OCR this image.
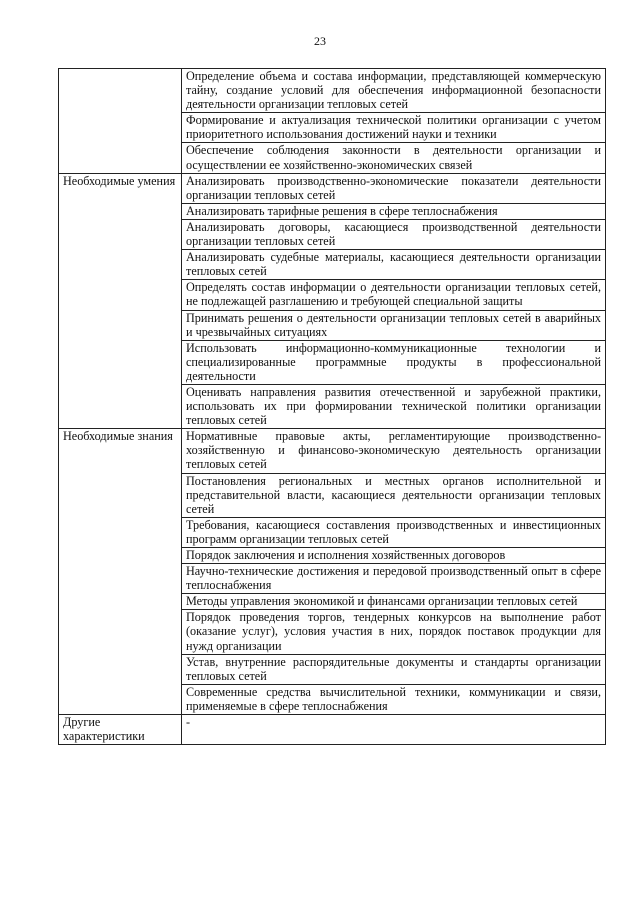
23
	Определение объема и состава информации, представляющей коммерческую тайну, создание условий для обеспечения информационной безопасности деятельности организации тепловых сетей
	Формирование и актуализация технической политики организации с учетом приоритетного использования достижений науки и техники
	Обеспечение соблюдения законности в деятельности организации и осуществлении ее хозяйственно-экономических связей
Необходимые умения	Анализировать производственно-экономические показатели деятельности организации тепловых сетей
	Анализировать тарифные решения в сфере теплоснабжения
	Анализировать договоры, касающиеся производственной деятельности организации тепловых сетей
	Анализировать судебные материалы, касающиеся деятельности организации тепловых сетей
	Определять состав информации о деятельности организации тепловых сетей, не подлежащей разглашению и требующей специальной защиты
	Принимать решения о деятельности организации тепловых сетей в аварийных и чрезвычайных ситуациях
	Использовать информационно-коммуникационные технологии и специализированные программные продукты в профессиональной деятельности
	Оценивать направления развития отечественной и зарубежной практики, использовать их при формировании технической политики организации тепловых сетей
Необходимые знания	Нормативные правовые акты, регламентирующие производственно-хозяйственную и финансово-экономическую деятельность организации тепловых сетей
	Постановления региональных и местных органов исполнительной и представительной власти, касающиеся деятельности организации тепловых сетей
	Требования, касающиеся составления производственных и инвестиционных программ организации тепловых сетей
	Порядок заключения и исполнения хозяйственных договоров
	Научно-технические достижения и передовой производственный опыт в сфере теплоснабжения
	Методы управления экономикой и финансами организации тепловых сетей
	Порядок проведения торгов, тендерных конкурсов на выполнение работ (оказание услуг), условия участия в них, порядок поставок продукции для нужд организации
	Устав, внутренние распорядительные документы и стандарты организации тепловых сетей
	Современные средства вычислительной техники, коммуникации и связи, применяемые в сфере теплоснабжения
Другие характеристики	-
